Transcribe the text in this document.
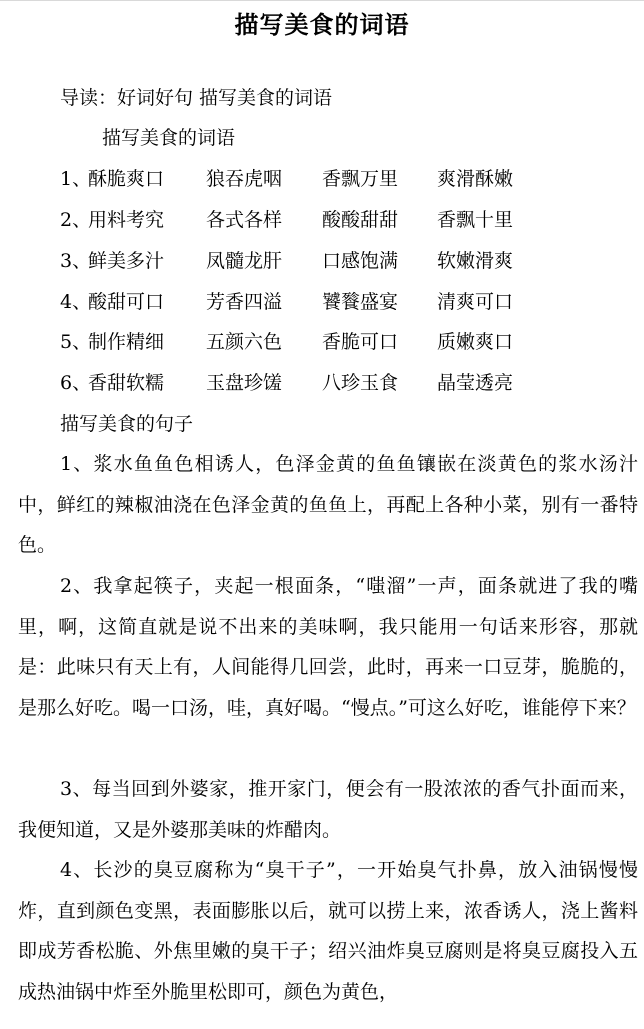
描写美食的词语
导读：好词好句 描写美食的词语
描写美食的词语
1、
酥脆爽口 狼吞虎咽 香飘万里 爽滑酥嫩
2、
用料考究 各式各样 酸酸甜甜 香飘十里
3、
鲜美多汁 凤髓龙肝 口感饱满 软嫩滑爽
4、
酸甜可口 芳香四溢 饕餮盛宴 清爽可口
5、
制作精细 五颜六色 香脆可口 质嫩爽口
6、
香甜软糯 玉盘珍馐 八珍玉食 晶莹透亮
描写美食的句子

1、浆水鱼鱼色相诱人，色泽金黄的鱼鱼镶嵌在淡黄色的浆水汤汁中，鲜红的辣椒油浇在色泽金黄的鱼鱼上，再配上各种小菜，别有一番特色。

2、我拿起筷子，夹起一根面条，“嗤溜”一声，面条就进了我的嘴里，啊，这简直就是说不出来的美味啊，我只能用一句话来形容，那就是：此味只有天上有，人间能得几回尝，此时，再来一口豆芽，脆脆的，是那么好吃。喝一口汤，哇，真好喝。“慢点。”可这么好吃，谁能停下来？

3、每当回到外婆家，推开家门，便会有一股浓浓的香气扑面而来，我便知道，又是外婆那美味的炸醋肉。

4、长沙的臭豆腐称为“臭干子”，一开始臭气扑鼻，放入油锅慢慢炸，直到颜色变黑，表面膨胀以后，就可以捞上来，浓香诱人，浇上酱料即成芳香松脆、外焦里嫩的臭干子；绍兴油炸臭豆腐则是将臭豆腐投入五成热油锅中炸至外脆里松即可，颜色为黄色，
